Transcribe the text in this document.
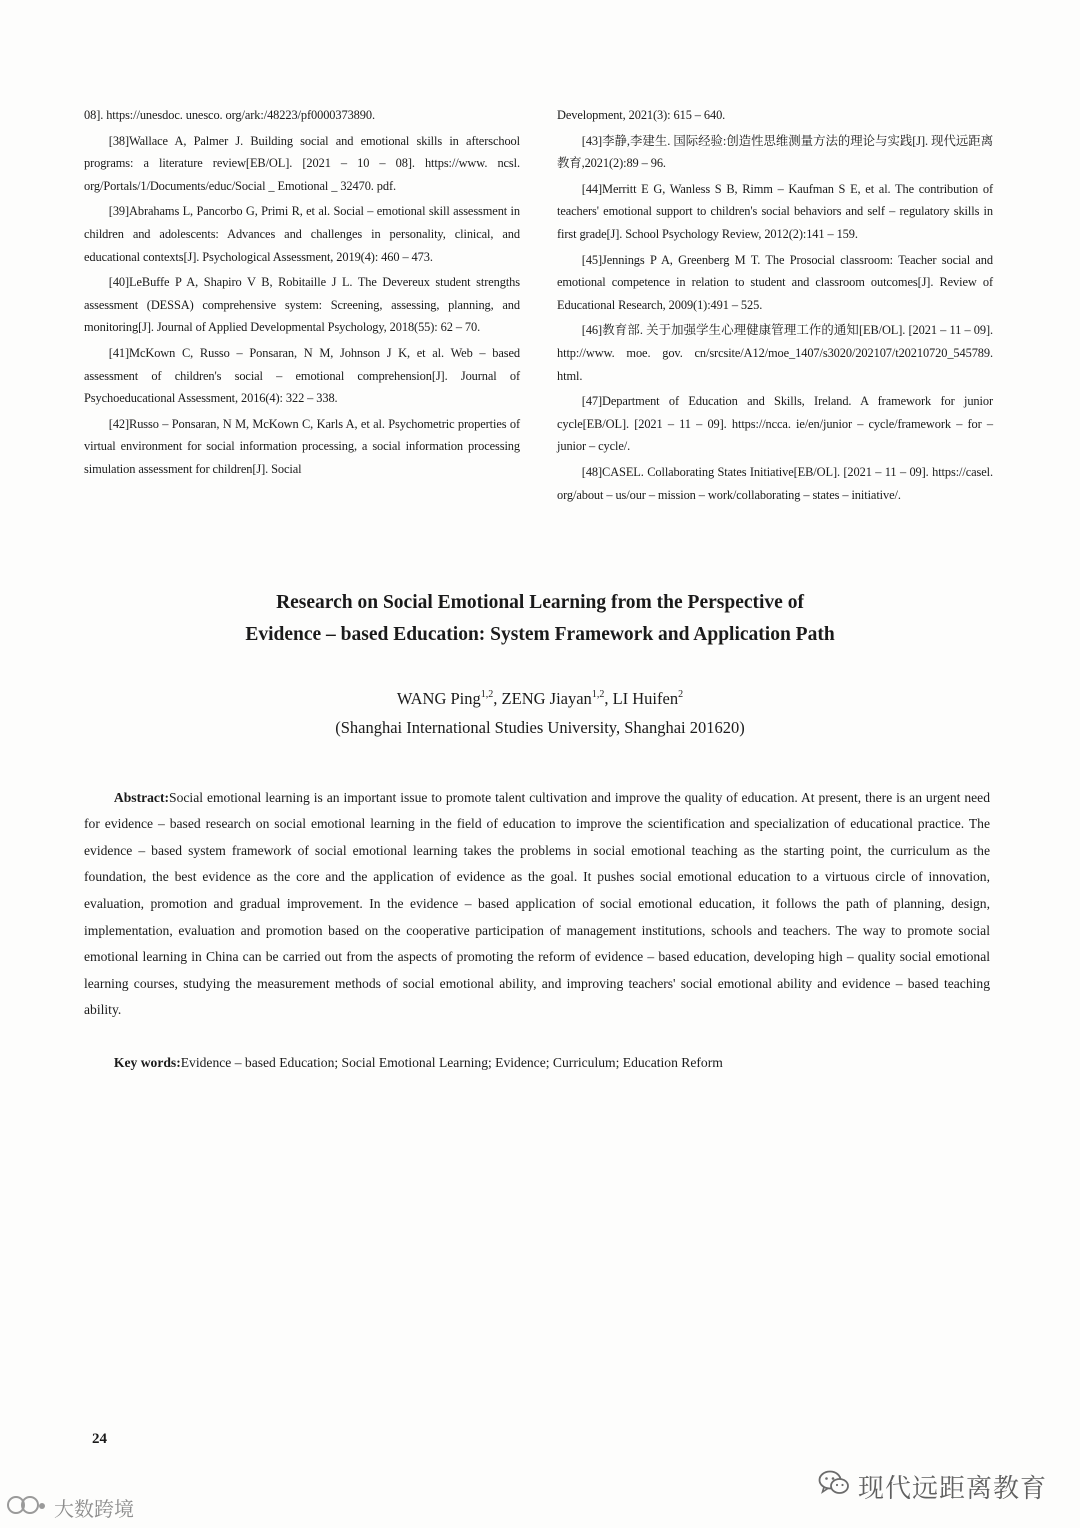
08]. https://unesdoc. unesco. org/ark:/48223/pf0000373890.

[38]Wallace A, Palmer J. Building social and emotional skills in afterschool programs: a literature review[EB/OL]. [2021 – 10 – 08]. https://www. ncsl. org/Portals/1/Documents/educ/Social _ Emotional _ 32470. pdf.

[39]Abrahams L, Pancorbo G, Primi R, et al. Social – emotional skill assessment in children and adolescents: Advances and challenges in personality, clinical, and educational contexts[J]. Psychological Assessment, 2019(4): 460 – 473.

[40]LeBuffe P A, Shapiro V B, Robitaille J L. The Devereux student strengths assessment (DESSA) comprehensive system: Screening, assessing, planning, and monitoring[J]. Journal of Applied Developmental Psychology, 2018(55): 62 – 70.

[41]McKown C, Russo – Ponsaran, N M, Johnson J K, et al. Web – based assessment of children's social – emotional comprehension[J]. Journal of Psychoeducational Assessment, 2016(4): 322 – 338.

[42]Russo – Ponsaran, N M, McKown C, Karls A, et al. Psychometric properties of virtual environment for social information processing, a social information processing simulation assessment for children[J]. Social

Development, 2021(3): 615 – 640.

[43]李静,李建生. 国际经验:创造性思维测量方法的理论与实践[J]. 现代远距离教育,2021(2):89 – 96.

[44]Merritt E G, Wanless S B, Rimm – Kaufman S E, et al. The contribution of teachers' emotional support to children's social behaviors and self – regulatory skills in first grade[J]. School Psychology Review, 2012(2):141 – 159.

[45]Jennings P A, Greenberg M T. The Prosocial classroom: Teacher social and emotional competence in relation to student and classroom outcomes[J]. Review of Educational Research, 2009(1):491 – 525.

[46]教育部. 关于加强学生心理健康管理工作的通知[EB/OL]. [2021 – 11 – 09]. http://www. moe. gov. cn/srcsite/A12/moe_1407/s3020/202107/t20210720_545789. html.

[47]Department of Education and Skills, Ireland. A framework for junior cycle[EB/OL]. [2021 – 11 – 09]. https://ncca. ie/en/junior – cycle/framework – for – junior – cycle/.

[48]CASEL. Collaborating States Initiative[EB/OL]. [2021 – 11 – 09]. https://casel. org/about – us/our – mission – work/collaborating – states – initiative/.

Research on Social Emotional Learning from the Perspective of
Evidence – based Education: System Framework and Application Path
WANG Ping$^{1,2}$, ZENG Jiayan$^{1,2}$, LI Huifen$^2$
(Shanghai International Studies University, Shanghai 201620)

Abstract:Social emotional learning is an important issue to promote talent cultivation and improve the quality of education. At present, there is an urgent need for evidence – based research on social emotional learning in the field of education to improve the scientification and specialization of educational practice. The evidence – based system framework of social emotional learning takes the problems in social emotional teaching as the starting point, the curriculum as the foundation, the best evidence as the core and the application of evidence as the goal. It pushes social emotional education to a virtuous circle of innovation, evaluation, promotion and gradual improvement. In the evidence – based application of social emotional education, it follows the path of planning, design, implementation, evaluation and promotion based on the cooperative participation of management institutions, schools and teachers. The way to promote social emotional learning in China can be carried out from the aspects of promoting the reform of evidence – based education, developing high – quality social emotional learning courses, studying the measurement methods of social emotional ability, and improving teachers' social emotional ability and evidence – based teaching ability.

Key words:Evidence – based Education; Social Emotional Learning; Evidence; Curriculum; Education Reform

24
现代远距离教育
大数跨境
